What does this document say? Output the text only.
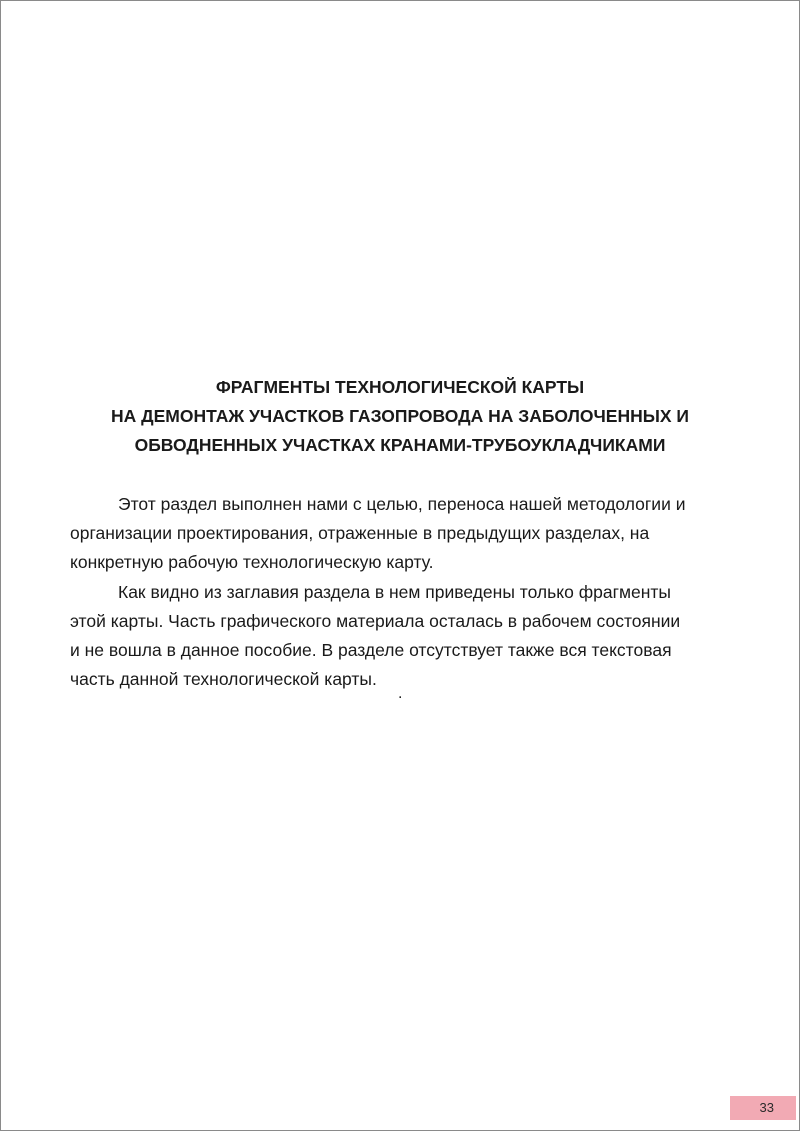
ФРАГМЕНТЫ ТЕХНОЛОГИЧЕСКОЙ КАРТЫ
НА ДЕМОНТАЖ УЧАСТКОВ ГАЗОПРОВОДА НА ЗАБОЛОЧЕННЫХ И
ОБВОДНЕННЫХ УЧАСТКАХ КРАНАМИ-ТРУБОУКЛАДЧИКАМИ
Этот раздел выполнен нами с целью, переноса нашей методологии и
организации проектирования, отраженные в предыдущих разделах, на
конкретную рабочую технологическую карту.
Как видно из заглавия раздела в нем приведены только фрагменты
этой карты. Часть графического материала осталась в рабочем состоянии
и не вошла в данное пособие. В разделе отсутствует также вся текстовая
часть данной технологической карты.
.
33
